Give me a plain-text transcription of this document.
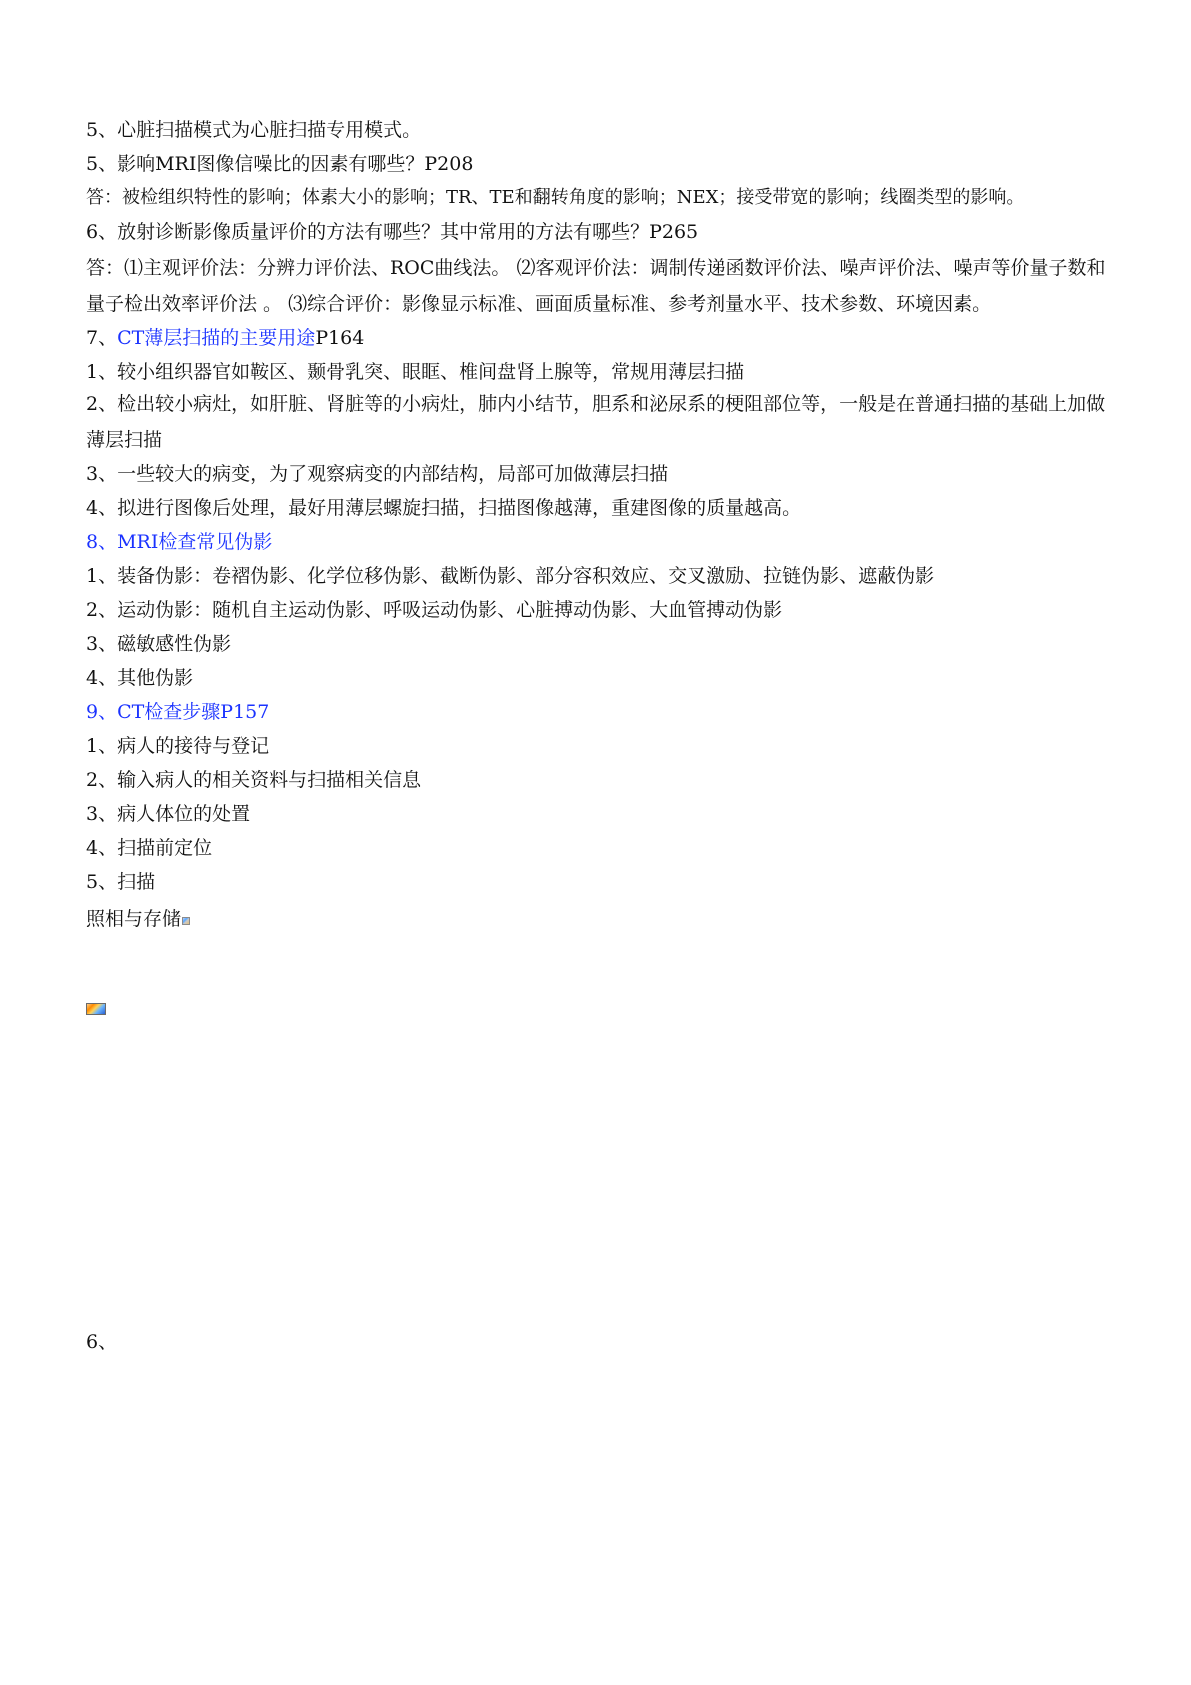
5、心脏扫描模式为心脏扫描专用模式。
5、影响MRI图像信噪比的因素有哪些？P208
答：被检组织特性的影响；体素大小的影响；TR、TE和翻转角度的影响；NEX；接受带宽的影响；线圈类型的影响。
6、放射诊断影像质量评价的方法有哪些？其中常用的方法有哪些？P265
答：⑴主观评价法：分辨力评价法、ROC曲线法。 ⑵客观评价法：调制传递函数评价法、噪声评价法、噪声等价量子数和量子检出效率评价法 。 ⑶综合评价：影像显示标准、画面质量标准、参考剂量水平、技术参数、环境因素。
7、CT薄层扫描的主要用途P164
1、较小组织器官如鞍区、颞骨乳突、眼眶、椎间盘肾上腺等，常规用薄层扫描
2、检出较小病灶，如肝脏、肾脏等的小病灶，肺内小结节，胆系和泌尿系的梗阻部位等，一般是在普通扫描的基础上加做薄层扫描
3、一些较大的病变，为了观察病变的内部结构，局部可加做薄层扫描
4、拟进行图像后处理，最好用薄层螺旋扫描，扫描图像越薄，重建图像的质量越高。
8、MRI检查常见伪影
1、装备伪影：卷褶伪影、化学位移伪影、截断伪影、部分容积效应、交叉激励、拉链伪影、遮蔽伪影
2、运动伪影：随机自主运动伪影、呼吸运动伪影、心脏搏动伪影、大血管搏动伪影
3、磁敏感性伪影
4、其他伪影
9、CT检查步骤P157
1、病人的接待与登记
2、输入病人的相关资料与扫描相关信息
3、病人体位的处置
4、扫描前定位
5、扫描
照相与存储
6、
